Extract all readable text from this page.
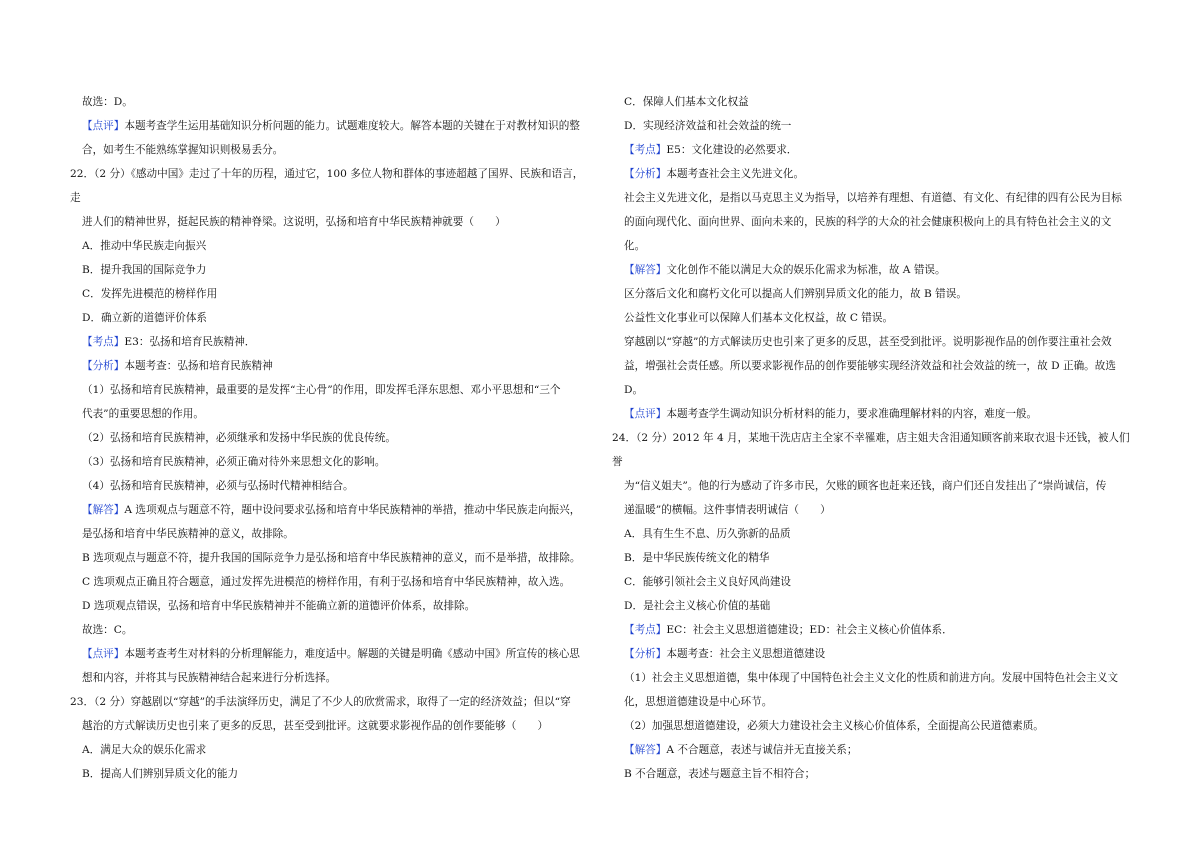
故选：D。

【点评】本题考查学生运用基础知识分析问题的能力。试题难度较大。解答本题的关键在于对教材知识的整

合，如考生不能熟练掌握知识则极易丢分。

22．（2 分）《感动中国》走过了十年的历程，通过它，100 多位人物和群体的事迹超越了国界、民族和语言，走

进人们的精神世界，挺起民族的精神脊梁。这说明，弘扬和培育中华民族精神就要（　　）

A．推动中华民族走向振兴

B．提升我国的国际竞争力

C．发挥先进模范的榜样作用

D．确立新的道德评价体系

【考点】E3：弘扬和培育民族精神．

【分析】本题考查：弘扬和培育民族精神

（1）弘扬和培育民族精神，最重要的是发挥“主心骨”的作用，即发挥毛泽东思想、邓小平思想和“三个

代表”的重要思想的作用。

（2）弘扬和培育民族精神，必须继承和发扬中华民族的优良传统。

（3）弘扬和培育民族精神，必须正确对待外来思想文化的影响。

（4）弘扬和培育民族精神，必须与弘扬时代精神相结合。

【解答】A 选项观点与题意不符，题中设问要求弘扬和培育中华民族精神的举措，推动中华民族走向振兴，

是弘扬和培育中华民族精神的意义，故排除。

B 选项观点与题意不符，提升我国的国际竞争力是弘扬和培育中华民族精神的意义，而不是举措，故排除。

C 选项观点正确且符合题意，通过发挥先进模范的榜样作用，有利于弘扬和培育中华民族精神，故入选。

D 选项观点错误，弘扬和培育中华民族精神并不能确立新的道德评价体系，故排除。

故选：C。

【点评】本题考查考生对材料的分析理解能力，难度适中。解题的关键是明确《感动中国》所宣传的核心思

想和内容，并将其与民族精神结合起来进行分析选择。

23．（2 分）穿越剧以“穿越”的手法演绎历史，满足了不少人的欣赏需求，取得了一定的经济效益；但以“穿

越治的方式解读历史也引来了更多的反思，甚至受到批评。这就要求影视作品的创作要能够（　　）

A．满足大众的娱乐化需求

B．提高人们辨别异质文化的能力

C．保障人们基本文化权益

D．实现经济效益和社会效益的统一

【考点】E5：文化建设的必然要求．

【分析】本题考查社会主义先进文化。

社会主义先进文化，是指以马克思主义为指导，以培养有理想、有道德、有文化、有纪律的四有公民为目标

的面向现代化、面向世界、面向未来的，民族的科学的大众的社会健康积极向上的具有特色社会主义的文

化。

【解答】文化创作不能以满足大众的娱乐化需求为标准，故 A 错误。

区分落后文化和腐朽文化可以提高人们辨别异质文化的能力，故 B 错误。

公益性文化事业可以保障人们基本文化权益，故 C 错误。

穿越剧以“穿越”的方式解读历史也引来了更多的反思，甚至受到批评。说明影视作品的创作要注重社会效

益，增强社会责任感。所以要求影视作品的创作要能够实现经济效益和社会效益的统一，故 D 正确。故选

D。

【点评】本题考查学生调动知识分析材料的能力，要求准确理解材料的内容，难度一般。

24．（2 分）2012 年 4 月，某地干洗店店主全家不幸罹难，店主姐夫含泪通知顾客前来取衣退卡还钱，被人们誉

为“信义姐夫”。他的行为感动了许多市民，欠账的顾客也赶来还钱，商户们还自发挂出了“崇尚诚信，传

递温暖”的横幅。这件事情表明诚信（　　）

A．具有生生不息、历久弥新的品质

B．是中华民族传统文化的精华

C．能够引领社会主义良好风尚建设

D．是社会主义核心价值的基础

【考点】EC：社会主义思想道德建设；ED：社会主义核心价值体系．

【分析】本题考查：社会主义思想道德建设

（1）社会主义思想道德，集中体现了中国特色社会主义文化的性质和前进方向。发展中国特色社会主义文

化，思想道德建设是中心环节。

（2）加强思想道德建设，必须大力建设社会主义核心价值体系，全面提高公民道德素质。

【解答】A 不合题意，表述与诚信并无直接关系；

B 不合题意，表述与题意主旨不相符合；
